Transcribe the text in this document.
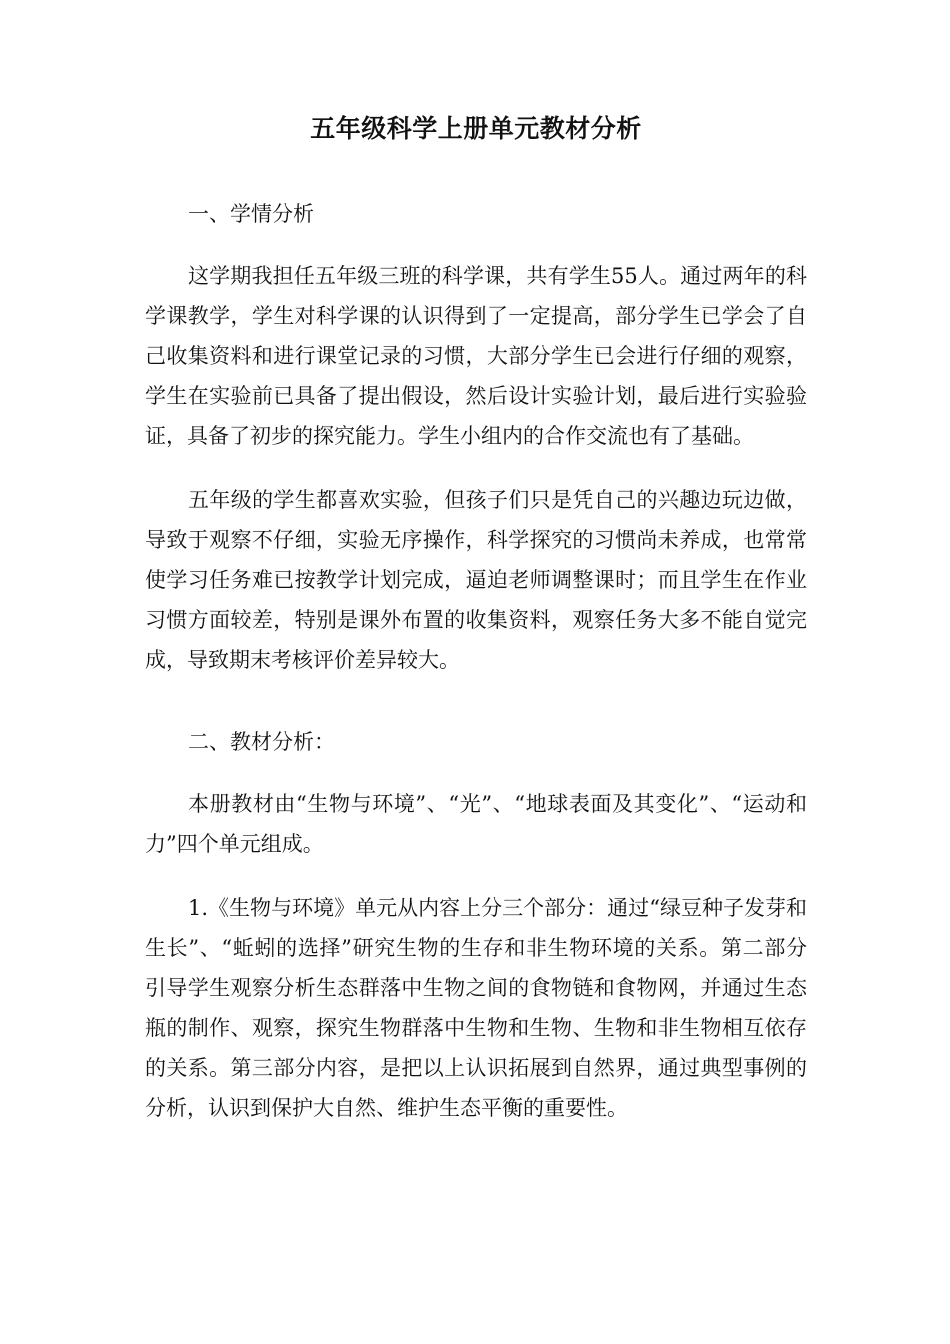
五年级科学上册单元教材分析

一、学情分析

这学期我担任五年级三班的科学课，共有学生55人。通过两年的科学课教学，学生对科学课的认识得到了一定提高，部分学生已学会了自己收集资料和进行课堂记录的习惯，大部分学生已会进行仔细的观察，学生在实验前已具备了提出假设，然后设计实验计划，最后进行实验验证，具备了初步的探究能力。学生小组内的合作交流也有了基础。

五年级的学生都喜欢实验，但孩子们只是凭自己的兴趣边玩边做，导致于观察不仔细，实验无序操作，科学探究的习惯尚未养成，也常常使学习任务难已按教学计划完成，逼迫老师调整课时；而且学生在作业习惯方面较差，特别是课外布置的收集资料，观察任务大多不能自觉完成，导致期末考核评价差异较大。

二、教材分析：

本册教材由“生物与环境”、“光”、“地球表面及其变化”、“运动和力”四个单元组成。

1.《生物与环境》单元从内容上分三个部分：通过“绿豆种子发芽和生长”、“蚯蚓的选择”研究生物的生存和非生物环境的关系。第二部分引导学生观察分析生态群落中生物之间的食物链和食物网，并通过生态瓶的制作、观察，探究生物群落中生物和生物、生物和非生物相互依存的关系。第三部分内容，是把以上认识拓展到自然界，通过典型事例的分析，认识到保护大自然、维护生态平衡的重要性。
